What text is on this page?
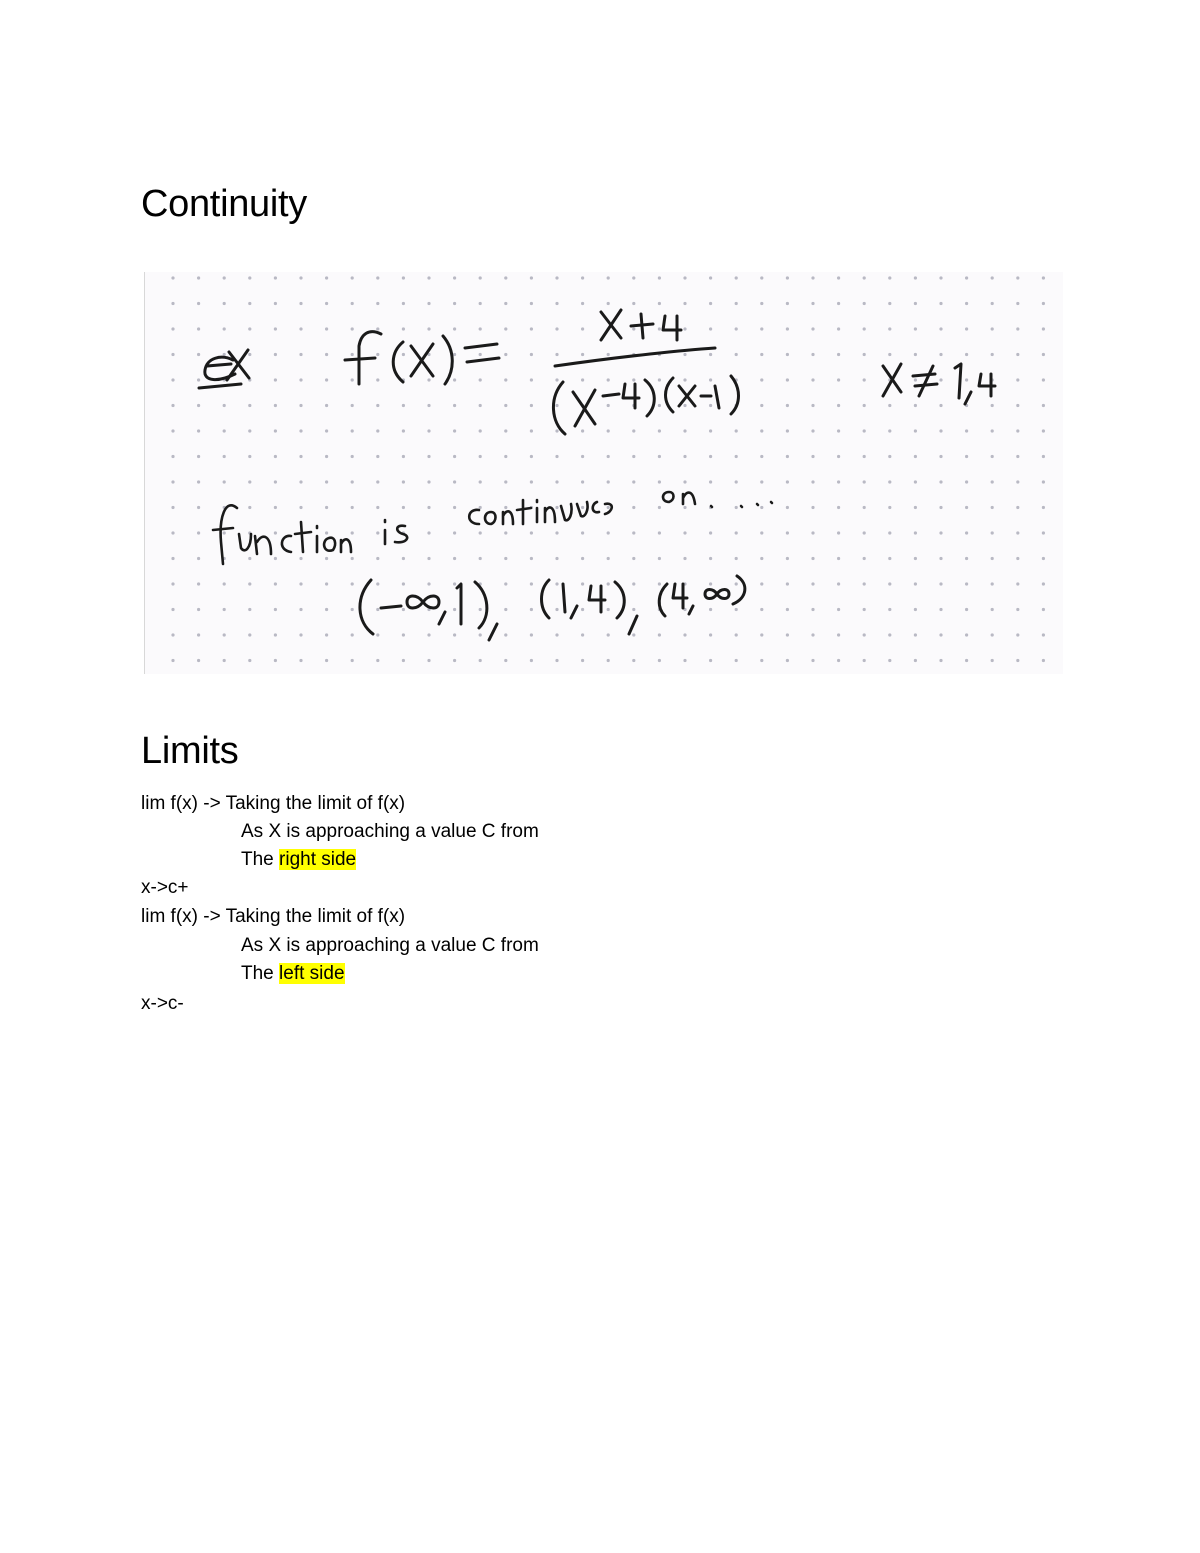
Continuity
Limits

lim f(x) -> Taking the limit of f(x)

As X is approaching a value C from

The right side

x->c+

lim f(x) -> Taking the limit of f(x)

As X is approaching a value C from

The left side

x->c-
